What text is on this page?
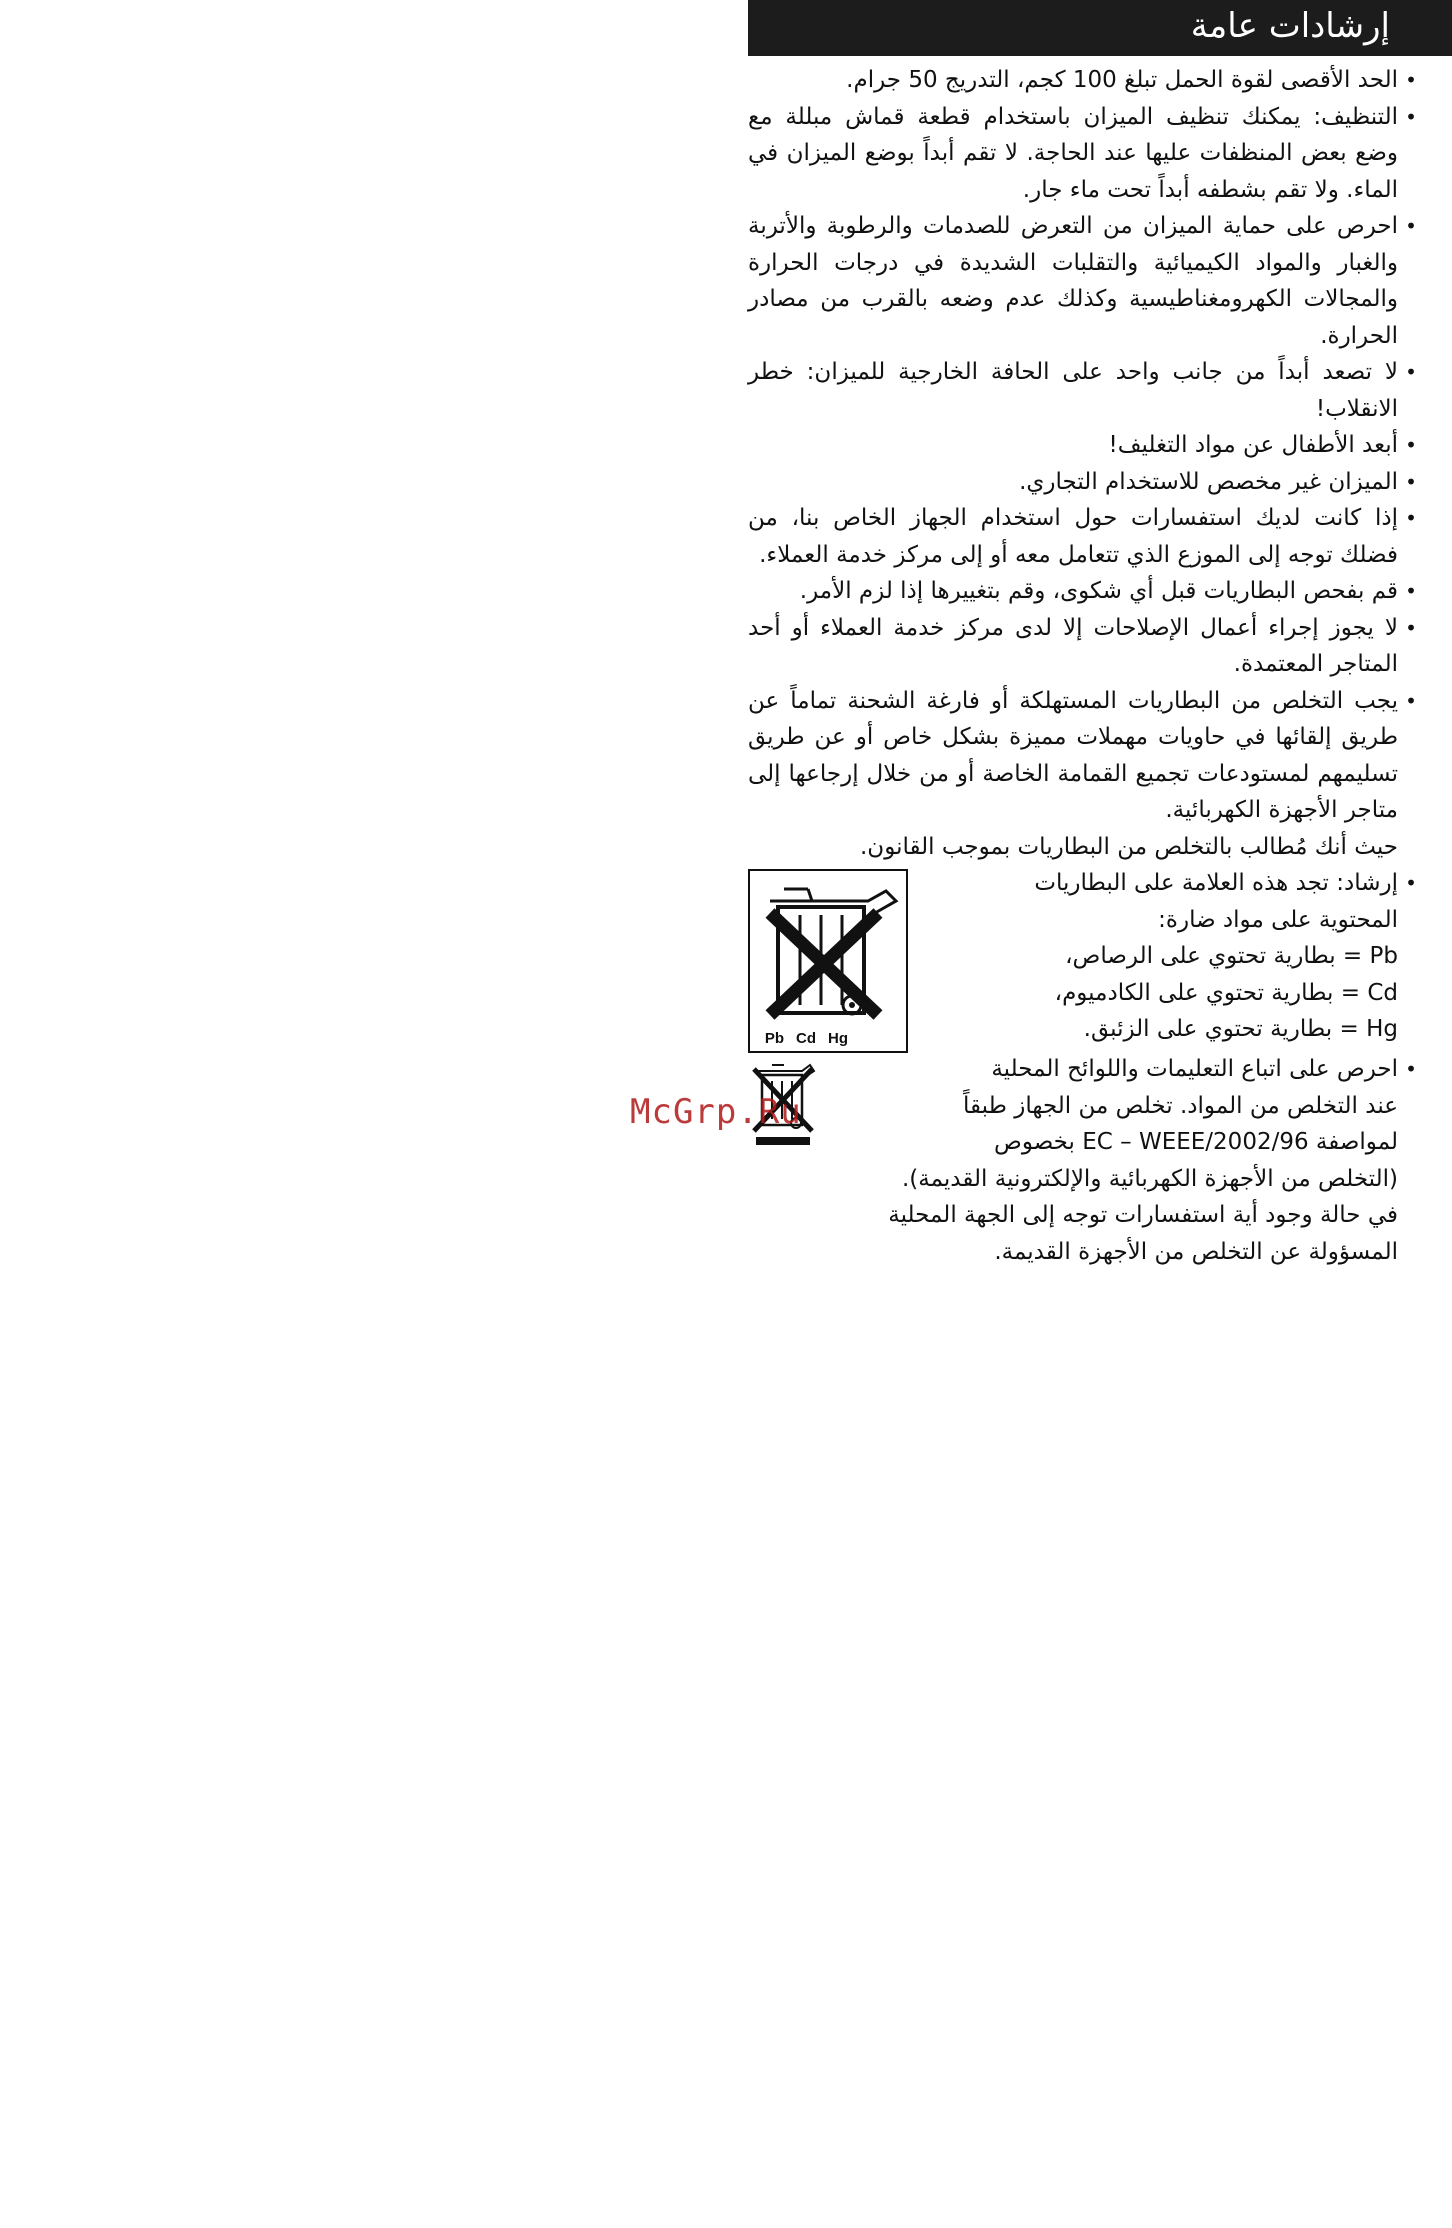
إرشادات عامة
•
الحد الأقصى لقوة الحمل تبلغ 100 كجم، التدريج 50 جرام.
•
التنظيف: يمكنك تنظيف الميزان باستخدام قطعة قماش مبللة مع وضع بعض المنظفات عليها عند الحاجة. لا تقم أبداً بوضع الميزان في الماء. ولا تقم بشطفه أبداً تحت ماء جار.
•
احرص على حماية الميزان من التعرض للصدمات والرطوبة والأتربة والغبار والمواد الكيميائية والتقلبات الشديدة في درجات الحرارة والمجالات الكهرومغناطيسية وكذلك عدم وضعه بالقرب من مصادر الحرارة.
•
لا تصعد أبداً من جانب واحد على الحافة الخارجية للميزان: خطر الانقلاب!
•
أبعد الأطفال عن مواد التغليف!
•
الميزان غير مخصص للاستخدام التجاري.
•
إذا كانت لديك استفسارات حول استخدام الجهاز الخاص بنا، من فضلك توجه إلى الموزع الذي تتعامل معه أو إلى مركز خدمة العملاء.
•
قم بفحص البطاريات قبل أي شكوى، وقم بتغييرها إذا لزم الأمر.
•
لا يجوز إجراء أعمال الإصلاحات إلا لدى مركز خدمة العملاء أو أحد المتاجر المعتمدة.
•
يجب التخلص من البطاريات المستهلكة أو فارغة الشحنة تماماً عن طريق إلقائها في حاويات مهملات مميزة بشكل خاص أو عن طريق تسليمهم لمستودعات تجميع القمامة الخاصة أو من خلال إرجاعها إلى متاجر الأجهزة الكهربائية.
حيث أنك مُطالب بالتخلص من البطاريات بموجب القانون.
•
إرشاد: تجد هذه العلامة على البطاريات
المحتوية على مواد ضارة:
Pb = بطارية تحتوي على الرصاص،
Cd = بطارية تحتوي على الكادميوم،
Hg = بطارية تحتوي على الزئبق.
Pb Cd Hg
•
احرص على اتباع التعليمات واللوائح المحلية
عند التخلص من المواد. تخلص من الجهاز طبقاً
لمواصفة 2002/96/EC – WEEE بخصوص
(التخلص من الأجهزة الكهربائية والإلكترونية القديمة).
في حالة وجود أية استفسارات توجه إلى الجهة المحلية
المسؤولة عن التخلص من الأجهزة القديمة.
McGrp.Ru
